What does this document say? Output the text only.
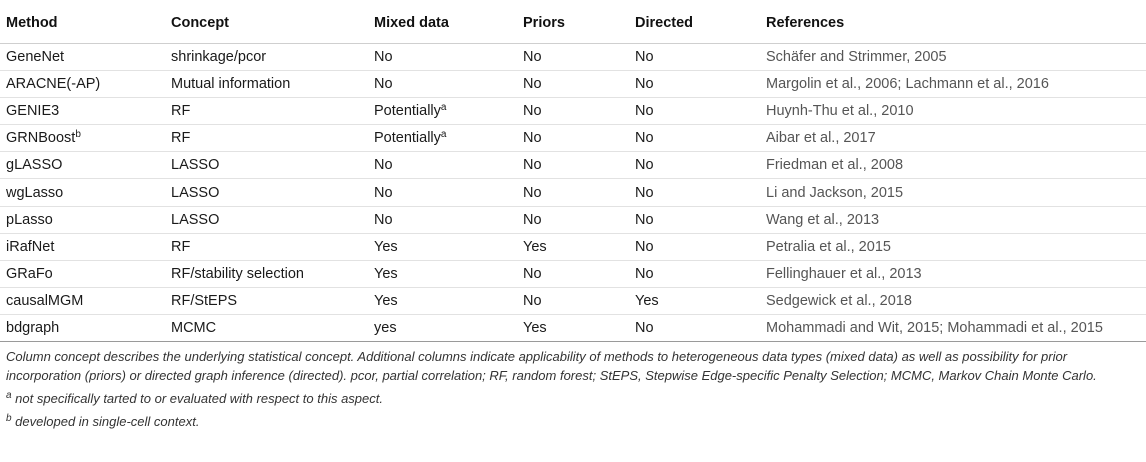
Method	Concept	Mixed data	Priors	Directed	References
GeneNet	shrinkage/pcor	No	No	No	Schäfer and Strimmer, 2005
ARACNE(-AP)	Mutual information	No	No	No	Margolin et al., 2006; Lachmann et al., 2016
GENIE3	RF	Potentially$^a$	No	No	Huynh-Thu et al., 2010
GRNBoost$^b$	RF	Potentially$^a$	No	No	Aibar et al., 2017
gLASSO	LASSO	No	No	No	Friedman et al., 2008
wgLasso	LASSO	No	No	No	Li and Jackson, 2015
pLasso	LASSO	No	No	No	Wang et al., 2013
iRafNet	RF	Yes	Yes	No	Petralia et al., 2015
GRaFo	RF/stability selection	Yes	No	No	Fellinghauer et al., 2013
causalMGM	RF/StEPS	Yes	No	Yes	Sedgewick et al., 2018
bdgraph	MCMC	yes	Yes	No	Mohammadi and Wit, 2015; Mohammadi et al., 2015

Column concept describes the underlying statistical concept. Additional columns indicate applicability of methods to heterogeneous data types (mixed data) as well as possibility for prior incorporation (priors) or directed graph inference (directed). pcor, partial correlation; RF, random forest; StEPS, Stepwise Edge-specific Penalty Selection; MCMC, Markov Chain Monte Carlo.

$^a$ not specifically tarted to or evaluated with respect to this aspect.

$^b$ developed in single-cell context.
